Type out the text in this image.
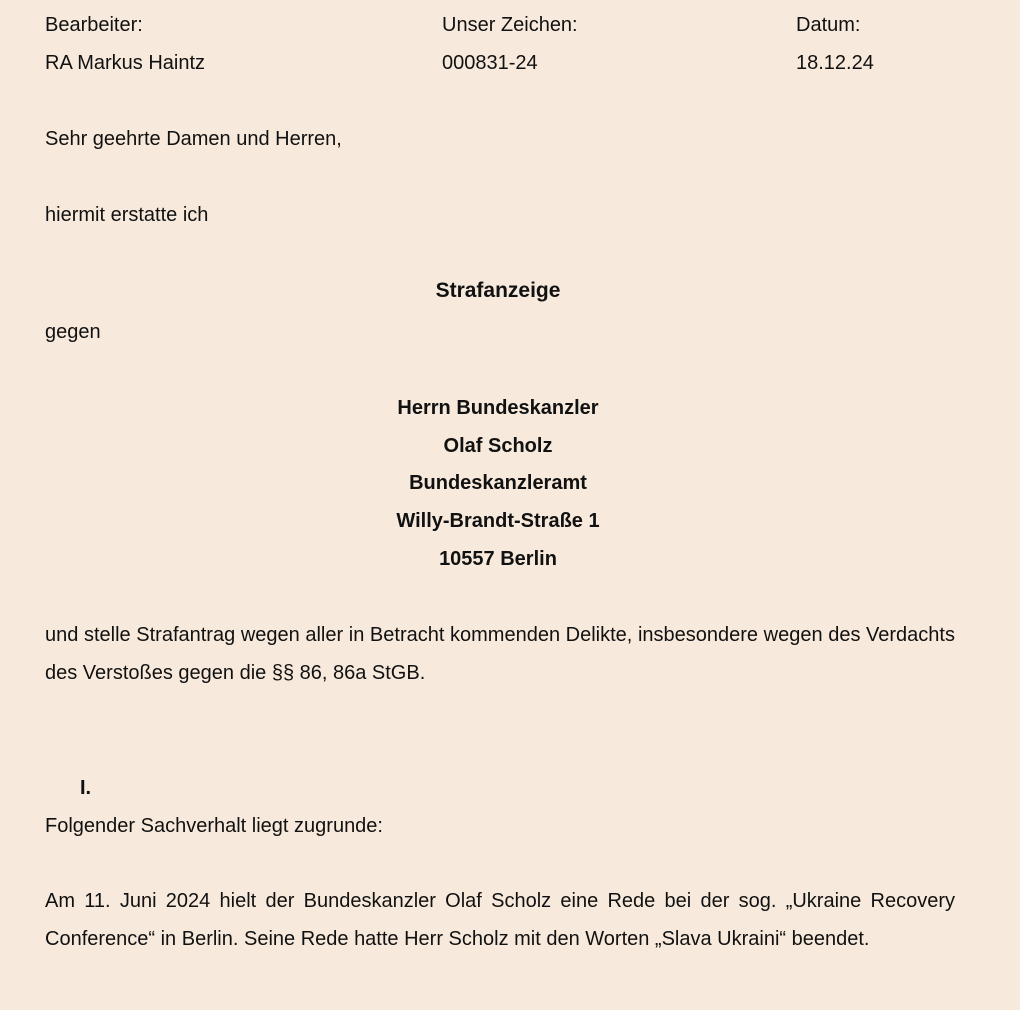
Bearbeiter:
RA Markus Haintz
Unser Zeichen:
000831-24
Datum:
18.12.24
Sehr geehrte Damen und Herren,
hiermit erstatte ich
Strafanzeige
gegen
Herrn Bundeskanzler
Olaf Scholz
Bundeskanzleramt
Willy-Brandt-Straße 1
10557 Berlin

und stelle Strafantrag wegen aller in Betracht kommenden Delikte, insbesondere wegen des Verdachts des Verstoßes gegen die §§ 86, 86a StGB.

I.
Folgender Sachverhalt liegt zugrunde:

Am 11. Juni 2024 hielt der Bundeskanzler Olaf Scholz eine Rede bei der sog. „Ukraine Recovery Conference“ in Berlin. Seine Rede hatte Herr Scholz mit den Worten „Slava Ukraini“ beendet.
